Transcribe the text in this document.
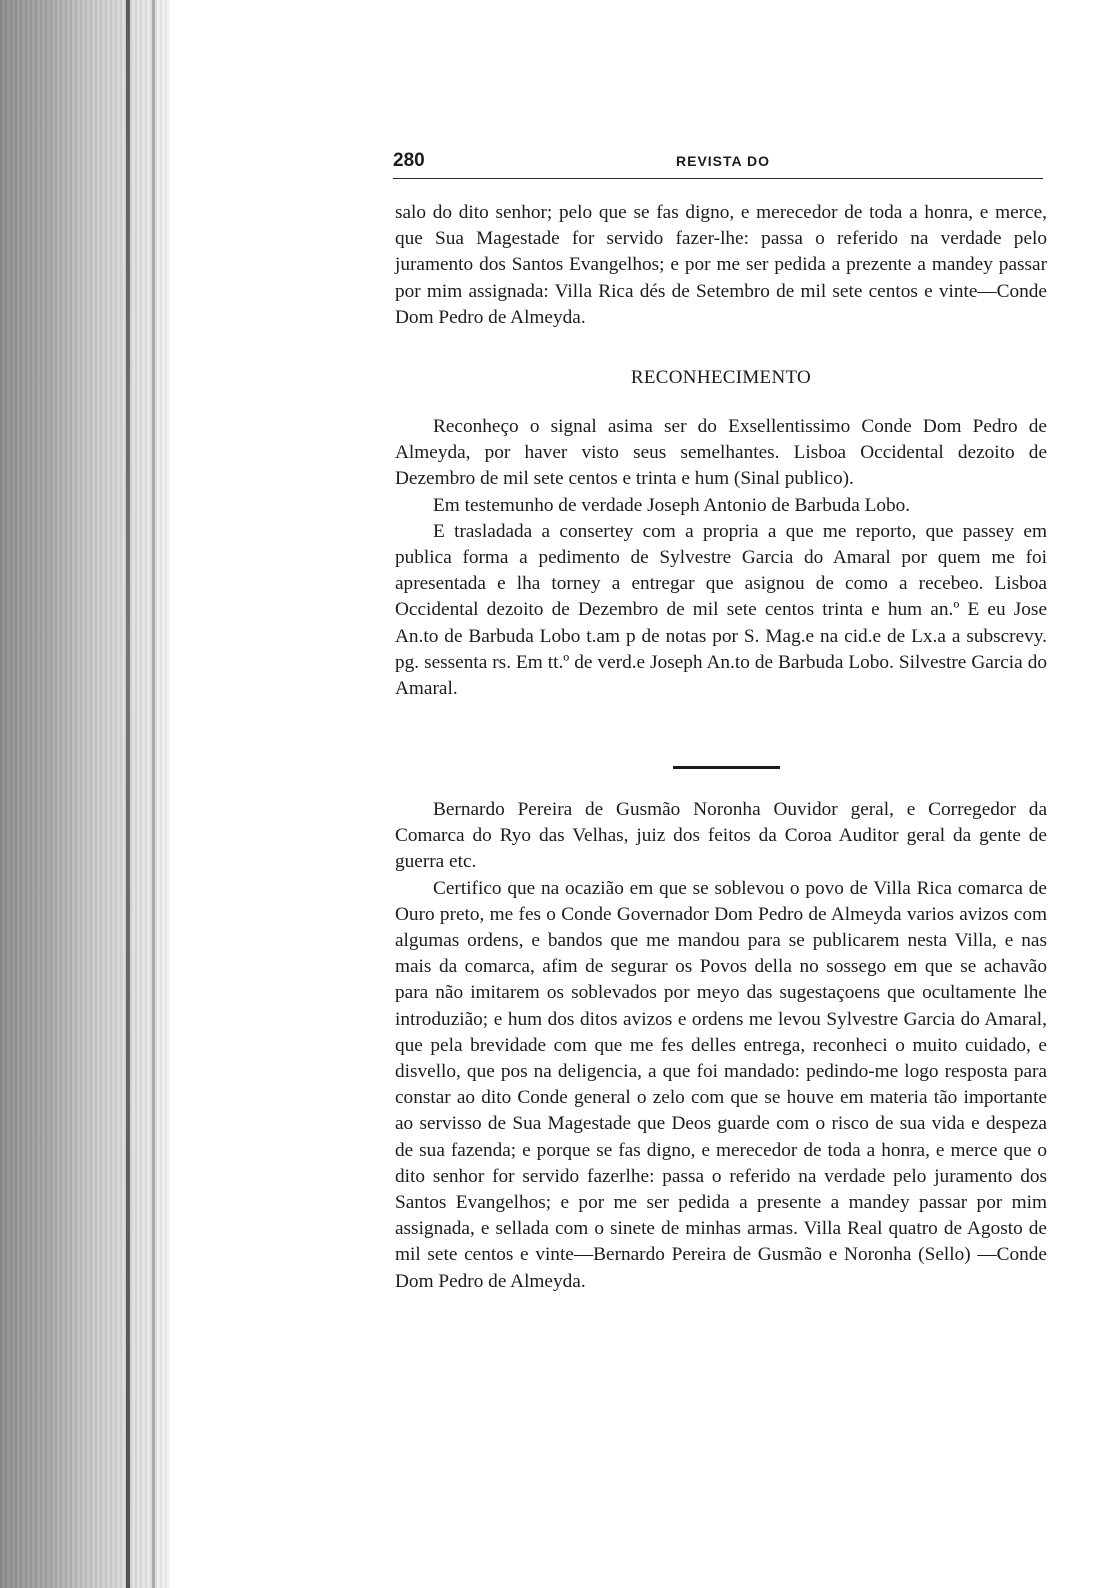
280	REVISTA DO

salo do dito senhor; pelo que se fas digno, e merecedor de toda a honra, e merce, que Sua Magestade for servido fazer-lhe: passa o referido na verdade pelo juramento dos Santos Evangelhos; e por me ser pedida a prezente a mandey passar por mim assignada: Villa Rica dés de Setembro de mil sete centos e vinte—Conde Dom Pedro de Almeyda.

RECONHECIMENTO

Reconheço o signal asima ser do Exsellentissimo Conde Dom Pedro de Almeyda, por haver visto seus semelhantes. Lisboa Occidental dezoito de Dezembro de mil sete centos e trinta e hum (Sinal publico).

Em testemunho de verdade Joseph Antonio de Barbuda Lobo.

E trasladada a consertey com a propria a que me reporto, que passey em publica forma a pedimento de Sylvestre Garcia do Amaral por quem me foi apresentada e lha torney a entregar que asignou de como a recebeo. Lisboa Occidental dezoito de Dezembro de mil sete centos trinta e hum an.º E eu Jose An.to de Barbuda Lobo t.am p de notas por S. Mag.e na cid.e de Lx.a a subscrevy. pg. sessenta rs. Em tt.º de verd.e Joseph An.to de Barbuda Lobo. Silvestre Garcia do Amaral.

Bernardo Pereira de Gusmão Noronha Ouvidor geral, e Corregedor da Comarca do Ryo das Velhas, juiz dos feitos da Coroa Auditor geral da gente de guerra etc.

Certifico que na ocazião em que se soblevou o povo de Villa Rica comarca de Ouro preto, me fes o Conde Governador Dom Pedro de Almeyda varios avizos com algumas ordens, e bandos que me mandou para se publicarem nesta Villa, e nas mais da comarca, afim de segurar os Povos della no sossego em que se achavão para não imitarem os soblevados por meyo das sugestaçoens que ocultamente lhe introduzião; e hum dos ditos avizos e ordens me levou Sylvestre Garcia do Amaral, que pela brevidade com que me fes delles entrega, reconheci o muito cuidado, e disvello, que pos na deligencia, a que foi mandado: pedindo-me logo resposta para constar ao dito Conde general o zelo com que se houve em materia tão importante ao servisso de Sua Magestade que Deos guarde com o risco de sua vida e despeza de sua fazenda; e porque se fas digno, e merecedor de toda a honra, e merce que o dito senhor for servido fazerlhe: passa o referido na verdade pelo juramento dos Santos Evangelhos; e por me ser pedida a presente a mandey passar por mim assignada, e sellada com o sinete de minhas armas. Villa Real quatro de Agosto de mil sete centos e vinte—Bernardo Pereira de Gusmão e Noronha (Sello) —Conde Dom Pedro de Almeyda.
